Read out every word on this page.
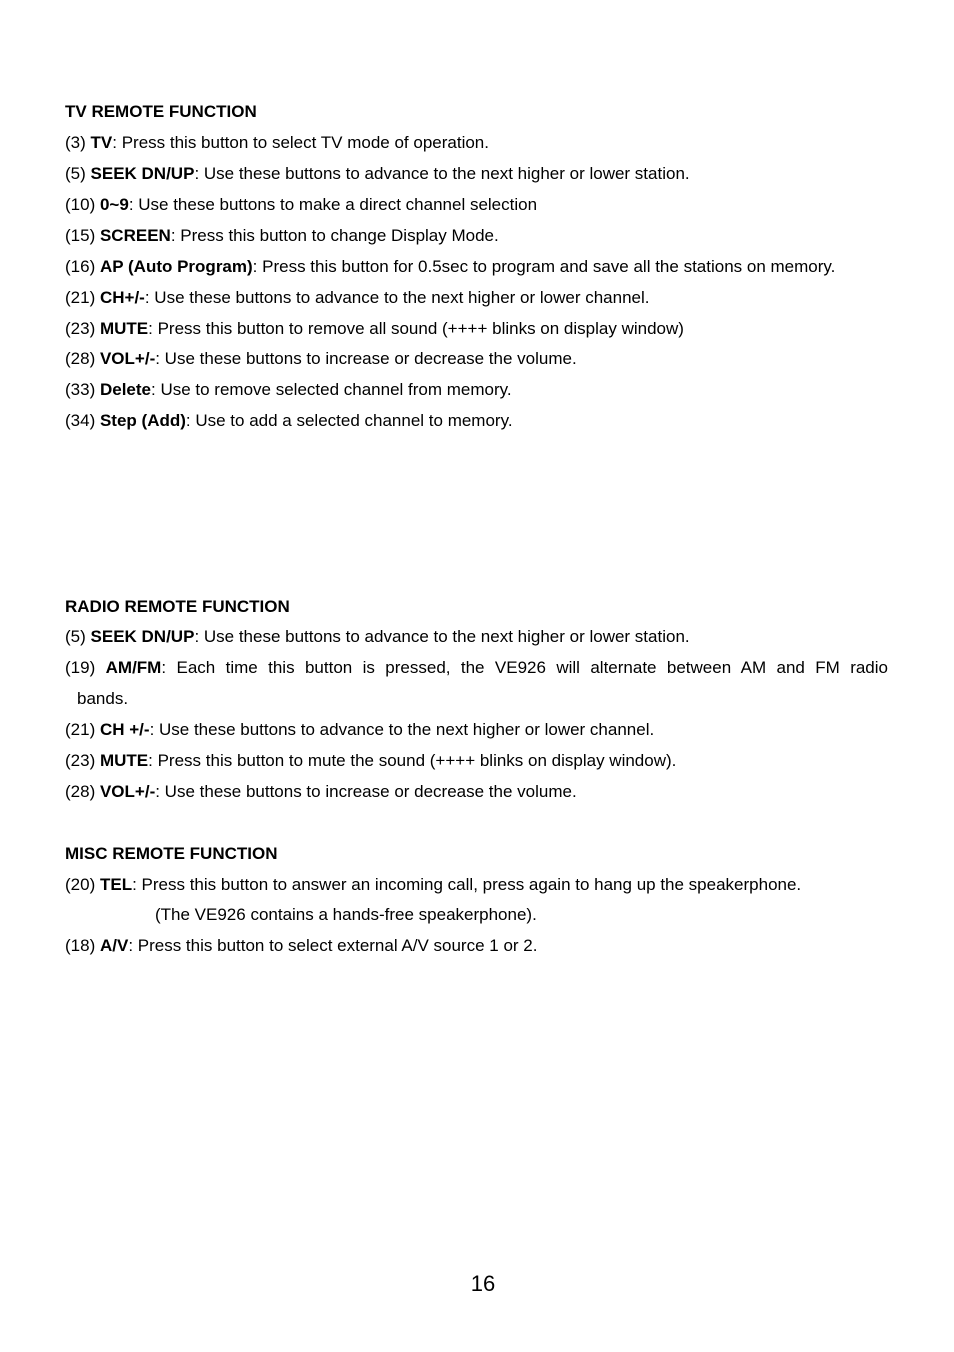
TV REMOTE FUNCTION
(3) TV: Press this button to select TV mode of operation.
(5) SEEK DN/UP: Use these buttons to advance to the next higher or lower station.
(10) 0~9: Use these buttons to make a direct channel selection
(15) SCREEN: Press this button to change Display Mode.
(16) AP (Auto Program): Press this button for 0.5sec to program and save all the stations on memory.
(21) CH+/-: Use these buttons to advance to the next higher or lower channel.
(23) MUTE: Press this button to remove all sound (++++ blinks on display window)
(28) VOL+/-: Use these buttons to increase or decrease the volume.
(33) Delete: Use to remove selected channel from memory.
(34) Step (Add): Use to add a selected channel to memory.
RADIO REMOTE FUNCTION
(5) SEEK DN/UP: Use these buttons to advance to the next higher or lower station.
(19) AM/FM: Each time this button is pressed, the VE926 will alternate between AM and FM radio
bands.
(21) CH +/-: Use these buttons to advance to the next higher or lower channel.
(23) MUTE: Press this button to mute the sound (++++ blinks on display window).
(28) VOL+/-: Use these buttons to increase or decrease the volume.
MISC REMOTE FUNCTION
(20) TEL: Press this button to answer an incoming call, press again to hang up the speakerphone.
(The VE926 contains a hands-free speakerphone).
(18) A/V: Press this button to select external A/V source 1 or 2.
16
